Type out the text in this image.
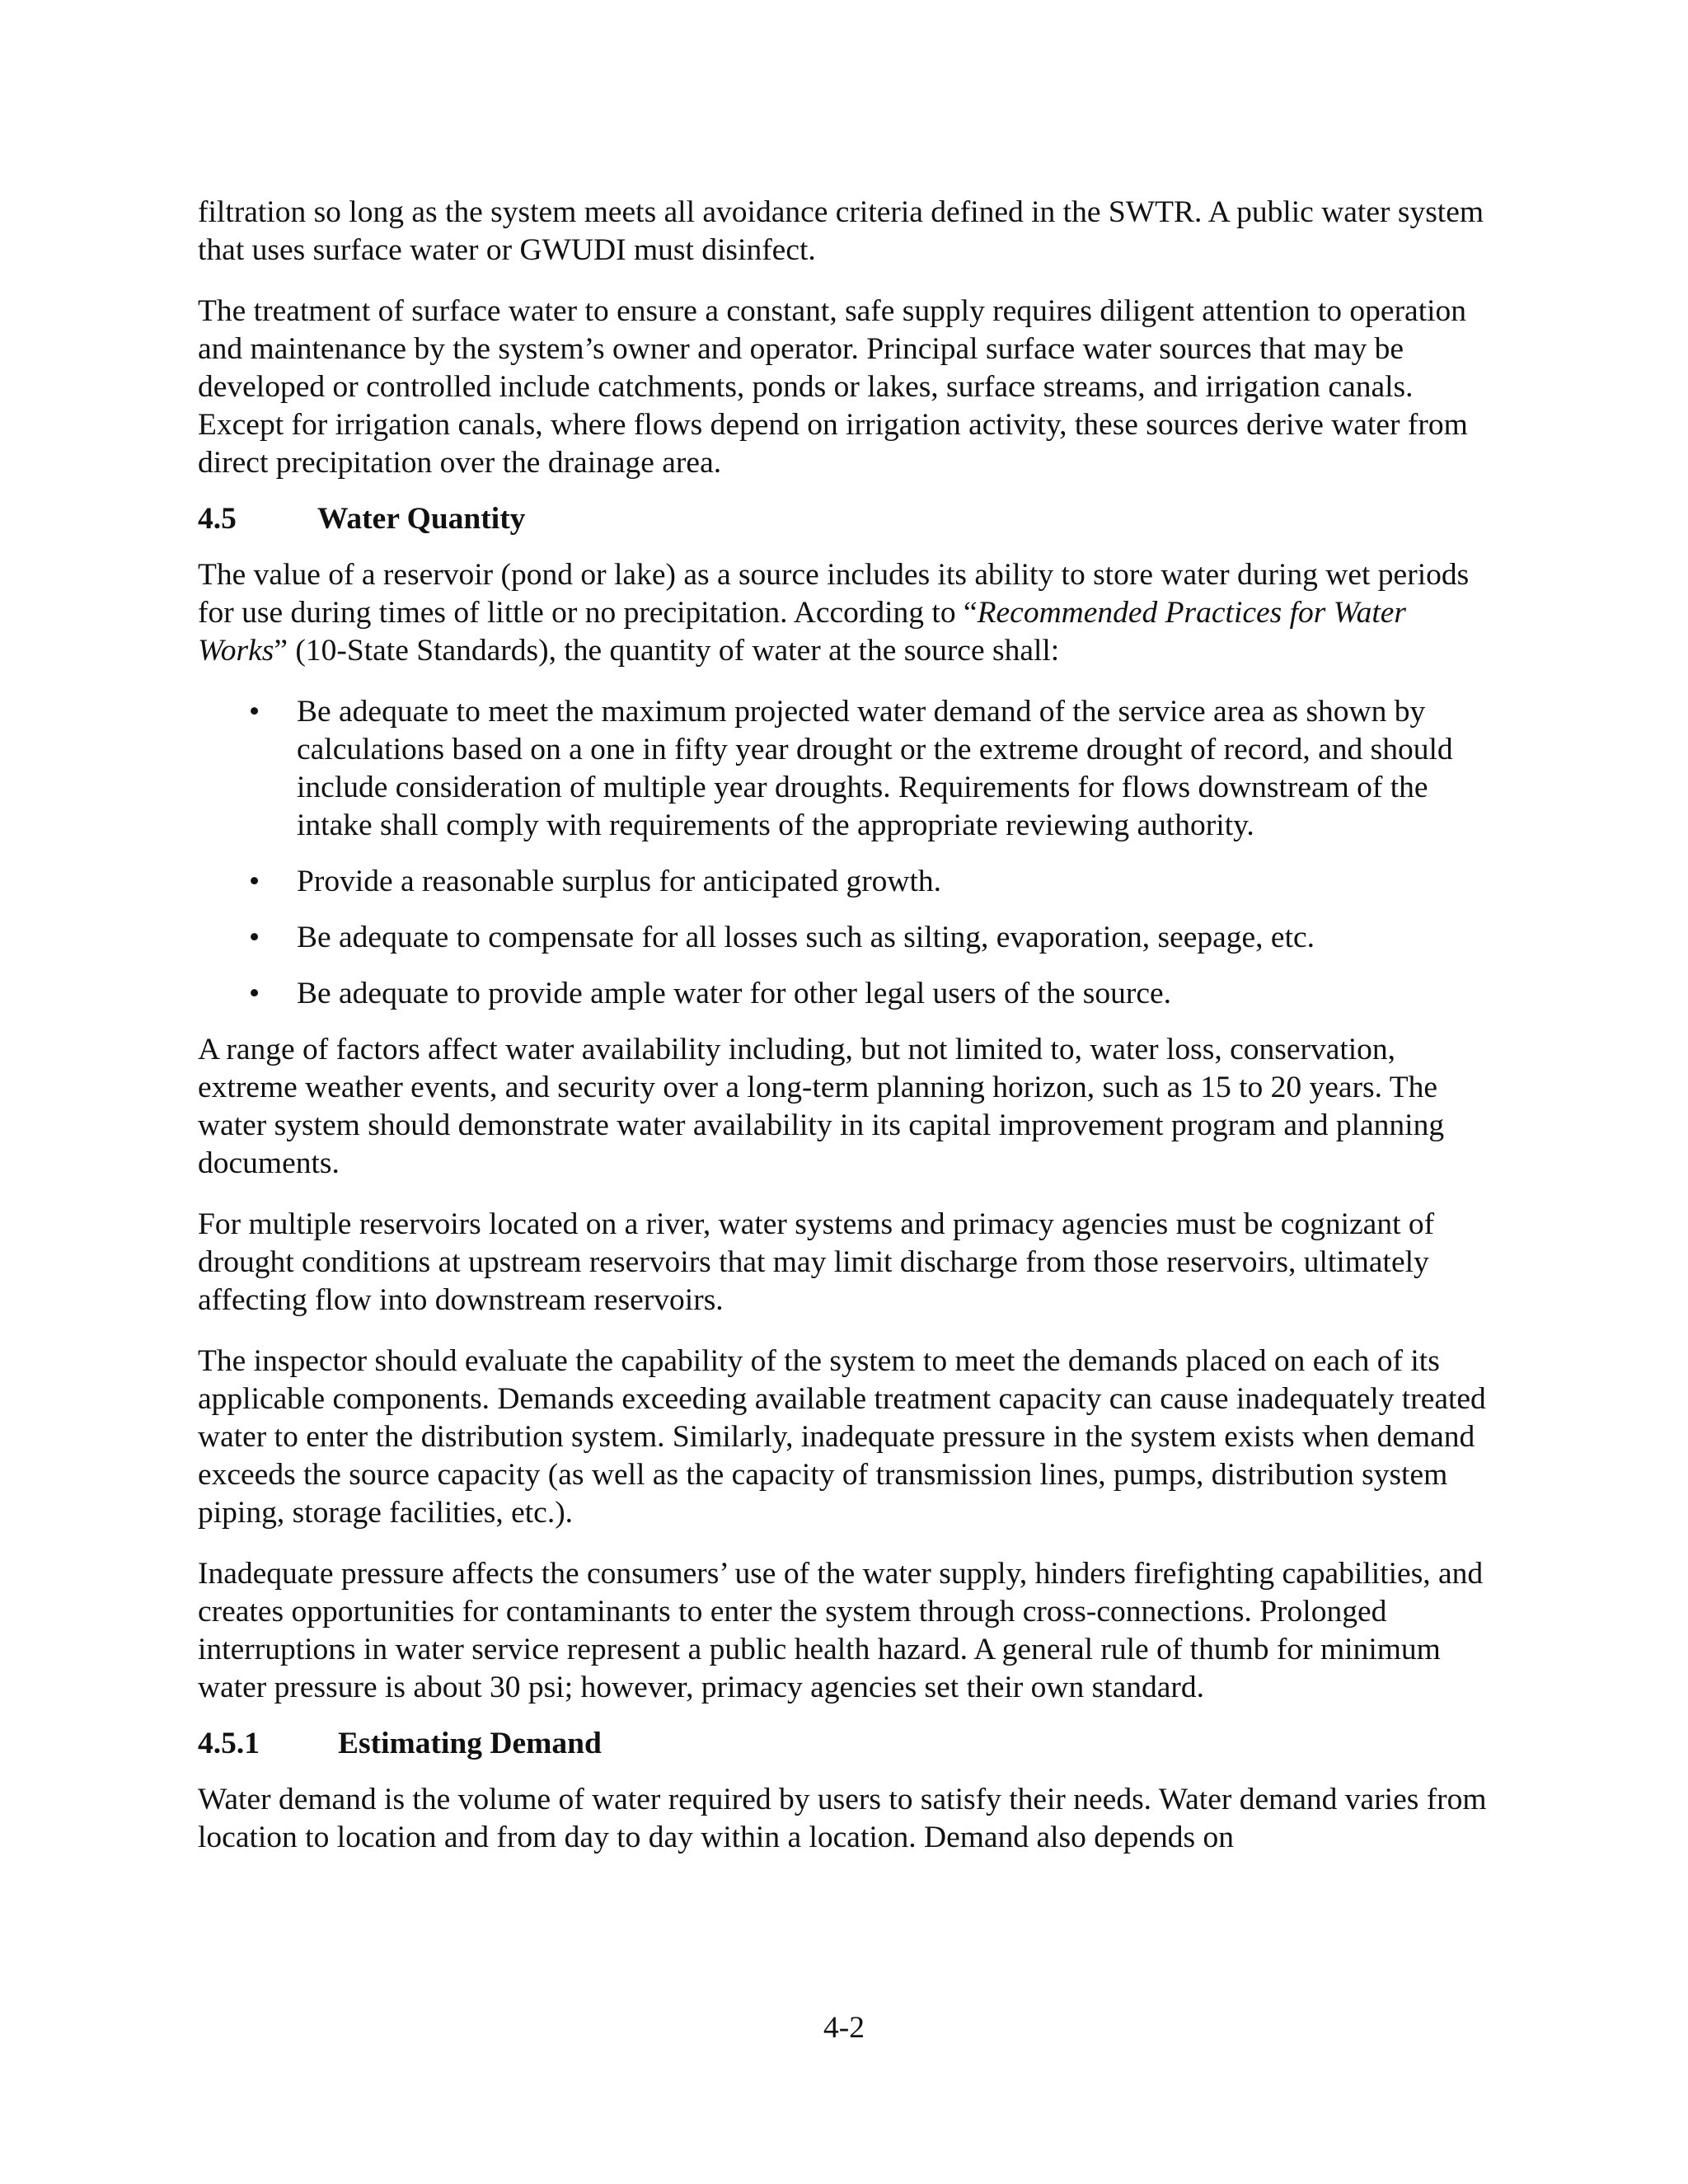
filtration so long as the system meets all avoidance criteria defined in the SWTR. A public water system that uses surface water or GWUDI must disinfect.

The treatment of surface water to ensure a constant, safe supply requires diligent attention to operation and maintenance by the system’s owner and operator. Principal surface water sources that may be developed or controlled include catchments, ponds or lakes, surface streams, and irrigation canals. Except for irrigation canals, where flows depend on irrigation activity, these sources derive water from direct precipitation over the drainage area.

4.5	Water Quantity

The value of a reservoir (pond or lake) as a source includes its ability to store water during wet periods for use during times of little or no precipitation. According to “Recommended Practices for Water Works” (10-State Standards), the quantity of water at the source shall:

• Be adequate to meet the maximum projected water demand of the service area as shown by calculations based on a one in fifty year drought or the extreme drought of record, and should include consideration of multiple year droughts. Requirements for flows downstream of the intake shall comply with requirements of the appropriate reviewing authority.
• Provide a reasonable surplus for anticipated growth.
• Be adequate to compensate for all losses such as silting, evaporation, seepage, etc.
• Be adequate to provide ample water for other legal users of the source.

A range of factors affect water availability including, but not limited to, water loss, conservation, extreme weather events, and security over a long-term planning horizon, such as 15 to 20 years. The water system should demonstrate water availability in its capital improvement program and planning documents.

For multiple reservoirs located on a river, water systems and primacy agencies must be cognizant of drought conditions at upstream reservoirs that may limit discharge from those reservoirs, ultimately affecting flow into downstream reservoirs.

The inspector should evaluate the capability of the system to meet the demands placed on each of its applicable components. Demands exceeding available treatment capacity can cause inadequately treated water to enter the distribution system. Similarly, inadequate pressure in the system exists when demand exceeds the source capacity (as well as the capacity of transmission lines, pumps, distribution system piping, storage facilities, etc.).

Inadequate pressure affects the consumers’ use of the water supply, hinders firefighting capabilities, and creates opportunities for contaminants to enter the system through cross-connections. Prolonged interruptions in water service represent a public health hazard. A general rule of thumb for minimum water pressure is about 30 psi; however, primacy agencies set their own standard.

4.5.1	Estimating Demand

Water demand is the volume of water required by users to satisfy their needs. Water demand varies from location to location and from day to day within a location. Demand also depends on

4-2
